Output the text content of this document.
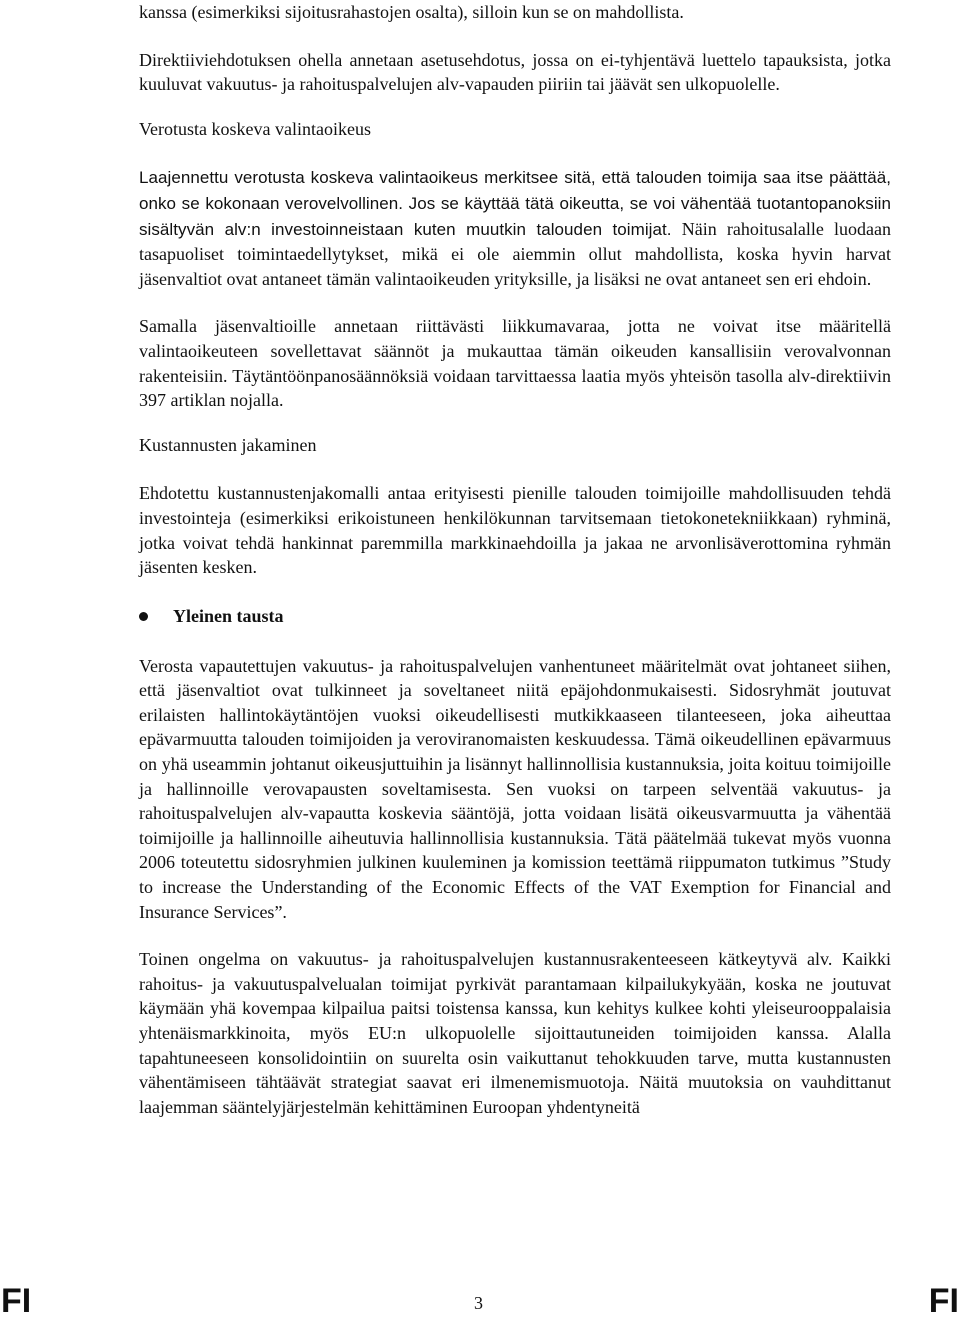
kanssa (esimerkiksi sijoitusrahastojen osalta), silloin kun se on mahdollista.

Direktiiviehdotuksen ohella annetaan asetusehdotus, jossa on ei-tyhjentävä luettelo tapauksista, jotka kuuluvat vakuutus- ja rahoituspalvelujen alv-vapauden piiriin tai jäävät sen ulkopuolelle.

Verotusta koskeva valintaoikeus

Laajennettu verotusta koskeva valintaoikeus merkitsee sitä, että talouden toimija saa itse päättää, onko se kokonaan verovelvollinen. Jos se käyttää tätä oikeutta, se voi vähentää tuotantopanoksiin sisältyvän alv:n investoinneistaan kuten muutkin talouden toimijat. Näin rahoitusalalle luodaan tasapuoliset toimintaedellytykset, mikä ei ole aiemmin ollut mahdollista, koska hyvin harvat jäsenvaltiot ovat antaneet tämän valintaoikeuden yrityksille, ja lisäksi ne ovat antaneet sen eri ehdoin.

Samalla jäsenvaltioille annetaan riittävästi liikkumavaraa, jotta ne voivat itse määritellä valintaoikeuteen sovellettavat säännöt ja mukauttaa tämän oikeuden kansallisiin verovalvonnan rakenteisiin. Täytäntöönpanosäännöksiä voidaan tarvittaessa laatia myös yhteisön tasolla alv-direktiivin 397 artiklan nojalla.

Kustannusten jakaminen

Ehdotettu kustannustenjakomalli antaa erityisesti pienille talouden toimijoille mahdollisuuden tehdä investointeja (esimerkiksi erikoistuneen henkilökunnan tarvitsemaan tietokonetekniikkaan) ryhminä, jotka voivat tehdä hankinnat paremmilla markkinaehdoilla ja jakaa ne arvonlisäverottomina ryhmän jäsenten kesken.

Yleinen tausta

Verosta vapautettujen vakuutus- ja rahoituspalvelujen vanhentuneet määritelmät ovat johtaneet siihen, että jäsenvaltiot ovat tulkinneet ja soveltaneet niitä epäjohdonmukaisesti. Sidosryhmät joutuvat erilaisten hallintokäytäntöjen vuoksi oikeudellisesti mutkikkaaseen tilanteeseen, joka aiheuttaa epävarmuutta talouden toimijoiden ja veroviranomaisten keskuudessa. Tämä oikeudellinen epävarmuus on yhä useammin johtanut oikeusjuttuihin ja lisännyt hallinnollisia kustannuksia, joita koituu toimijoille ja hallinnoille verovapausten soveltamisesta. Sen vuoksi on tarpeen selventää vakuutus- ja rahoituspalvelujen alv-vapautta koskevia sääntöjä, jotta voidaan lisätä oikeusvarmuutta ja vähentää toimijoille ja hallinnoille aiheutuvia hallinnollisia kustannuksia. Tätä päätelmää tukevat myös vuonna 2006 toteutettu sidosryhmien julkinen kuuleminen ja komission teettämä riippumaton tutkimus ”Study to increase the Understanding of the Economic Effects of the VAT Exemption for Financial and Insurance Services”.

Toinen ongelma on vakuutus- ja rahoituspalvelujen kustannusrakenteeseen kätkeytyvä alv. Kaikki rahoitus- ja vakuutuspalvelualan toimijat pyrkivät parantamaan kilpailukykyään, koska ne joutuvat käymään yhä kovempaa kilpailua paitsi toistensa kanssa, kun kehitys kulkee kohti yleiseurooppalaisia yhtenäismarkkinoita, myös EU:n ulkopuolelle sijoittautuneiden toimijoiden kanssa. Alalla tapahtuneeseen konsolidointiin on suurelta osin vaikuttanut tehokkuuden tarve, mutta kustannusten vähentämiseen tähtäävät strategiat saavat eri ilmenemismuotoja. Näitä muutoksia on vauhdittanut laajemman sääntelyjärjestelmän kehittäminen Euroopan yhdentyneitä

FI	3	FI
